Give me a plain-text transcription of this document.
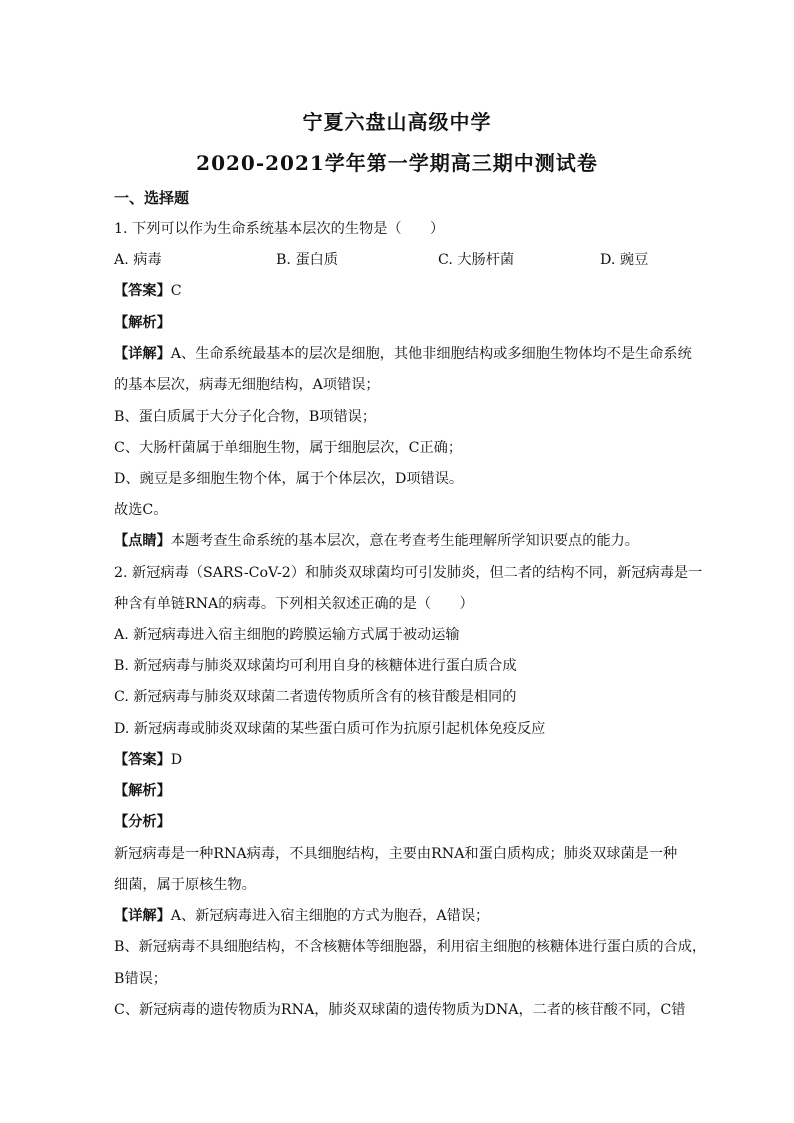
宁夏六盘山高级中学
2020-2021学年第一学期高三期中测试卷
一、选择题
1. 下列可以作为生命系统基本层次的生物是（　　）
A. 病毒	B. 蛋白质	C. 大肠杆菌	D. 豌豆
【答案】C
【解析】
【详解】A、生命系统最基本的层次是细胞，其他非细胞结构或多细胞生物体均不是生命系统
的基本层次，病毒无细胞结构，A项错误；
B、蛋白质属于大分子化合物，B项错误；
C、大肠杆菌属于单细胞生物，属于细胞层次，C正确；
D、豌豆是多细胞生物个体，属于个体层次，D项错误。
故选C。
【点睛】本题考查生命系统的基本层次，意在考查考生能理解所学知识要点的能力。
2. 新冠病毒（SARS-CoV-2）和肺炎双球菌均可引发肺炎，但二者的结构不同，新冠病毒是一
种含有单链RNA的病毒。下列相关叙述正确的是（　　）
A. 新冠病毒进入宿主细胞的跨膜运输方式属于被动运输
B. 新冠病毒与肺炎双球菌均可利用自身的核糖体进行蛋白质合成
C. 新冠病毒与肺炎双球菌二者遗传物质所含有的核苷酸是相同的
D. 新冠病毒或肺炎双球菌的某些蛋白质可作为抗原引起机体免疫反应
【答案】D
【解析】
【分析】
新冠病毒是一种RNA病毒，不具细胞结构，主要由RNA和蛋白质构成；肺炎双球菌是一种
细菌，属于原核生物。
【详解】A、新冠病毒进入宿主细胞的方式为胞吞，A错误；
B、新冠病毒不具细胞结构，不含核糖体等细胞器，利用宿主细胞的核糖体进行蛋白质的合成，
B错误；
C、新冠病毒的遗传物质为RNA，肺炎双球菌的遗传物质为DNA，二者的核苷酸不同，C错
